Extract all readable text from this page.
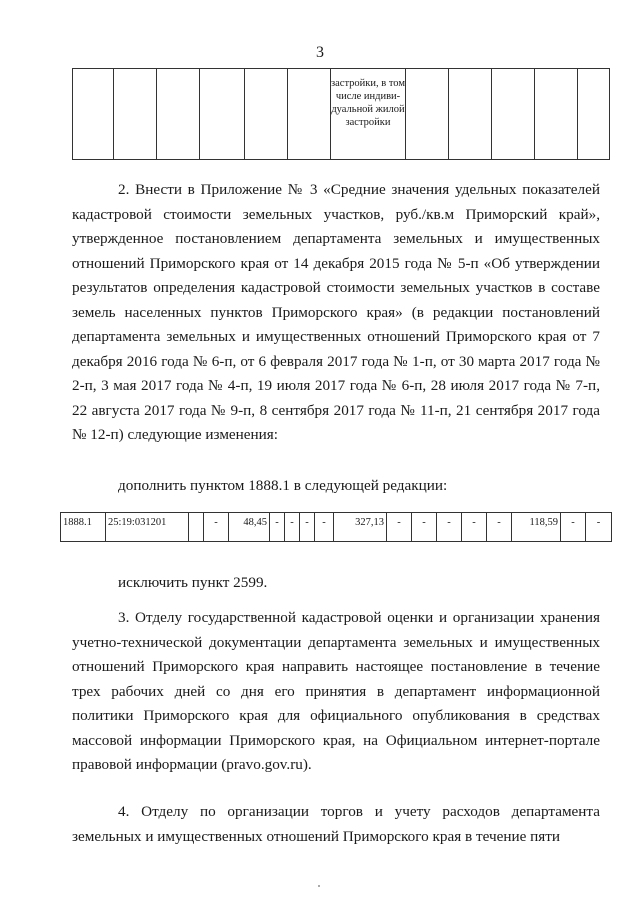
3

застройки, в том числе индиви-дуальной жилой застройки

2. Внести в Приложение № 3 «Средние значения удельных показателей кадастровой стоимости земельных участков, руб./кв.м Приморский край», утвержденное постановлением департамента земельных и имущественных отношений Приморского края от 14 декабря 2015 года № 5-п «Об утверждении результатов определения кадастровой стоимости земельных участков в составе земель населенных пунктов Приморского края» (в редакции постановлений департамента земельных и имущественных отношений Приморского края от 7 декабря 2016 года № 6-п, от 6 февраля 2017 года № 1-п, от 30 марта 2017 года № 2-п, 3 мая 2017 года № 4-п, 19 июля 2017 года № 6-п, 28 июля 2017 года № 7-п, 22 августа 2017 года № 9-п, 8 сентября 2017 года № 11-п, 21 сентября 2017 года № 12-п) следующие изменения:
дополнить пунктом 1888.1 в следующей редакции:
1888.1	25:19:031201		-	48,45	-	-	-	-	327,13	-	-	-	-	-	118,59	-	-
исключить пункт 2599.
3. Отделу государственной кадастровой оценки и организации хранения учетно-технической документации департамента земельных и имущественных отношений Приморского края направить настоящее постановление в течение трех рабочих дней со дня его принятия в департамент информационной политики Приморского края для официального опубликования в средствах массовой информации Приморского края, на Официальном интернет-портале правовой информации (pravo.gov.ru).
4. Отделу по организации торгов и учету расходов департамента земельных и имущественных отношений Приморского края в течение пяти
